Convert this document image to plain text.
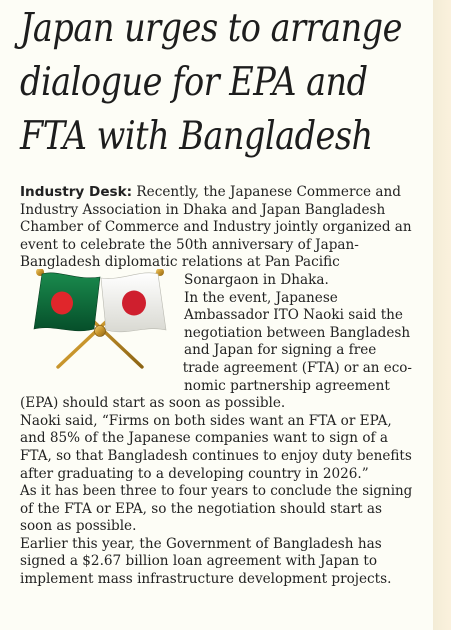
Japan urges to arrange
dialogue for EPA and
FTA with Bangladesh
Industry Desk: Recently, the Japanese Commerce and
Industry Association in Dhaka and Japan Bangladesh
Chamber of Commerce and Industry jointly organized an
event to celebrate the 50th anniversary of Japan-
Bangladesh diplomatic relations at Pan Pacific
Sonargaon in Dhaka.
In the event, Japanese
Ambassador ITO Naoki said the
negotiation between Bangladesh
and Japan for signing a free
trade agreement (FTA) or an eco-
nomic partnership agreement
(EPA) should start as soon as possible.
Naoki said, “Firms on both sides want an FTA or EPA,
and 85% of the Japanese companies want to sign of a
FTA, so that Bangladesh continues to enjoy duty benefits
after graduating to a developing country in 2026.”
As it has been three to four years to conclude the signing
of the FTA or EPA, so the negotiation should start as
soon as possible.
Earlier this year, the Government of Bangladesh has
signed a $2.67 billion loan agreement with Japan to
implement mass infrastructure development projects.
